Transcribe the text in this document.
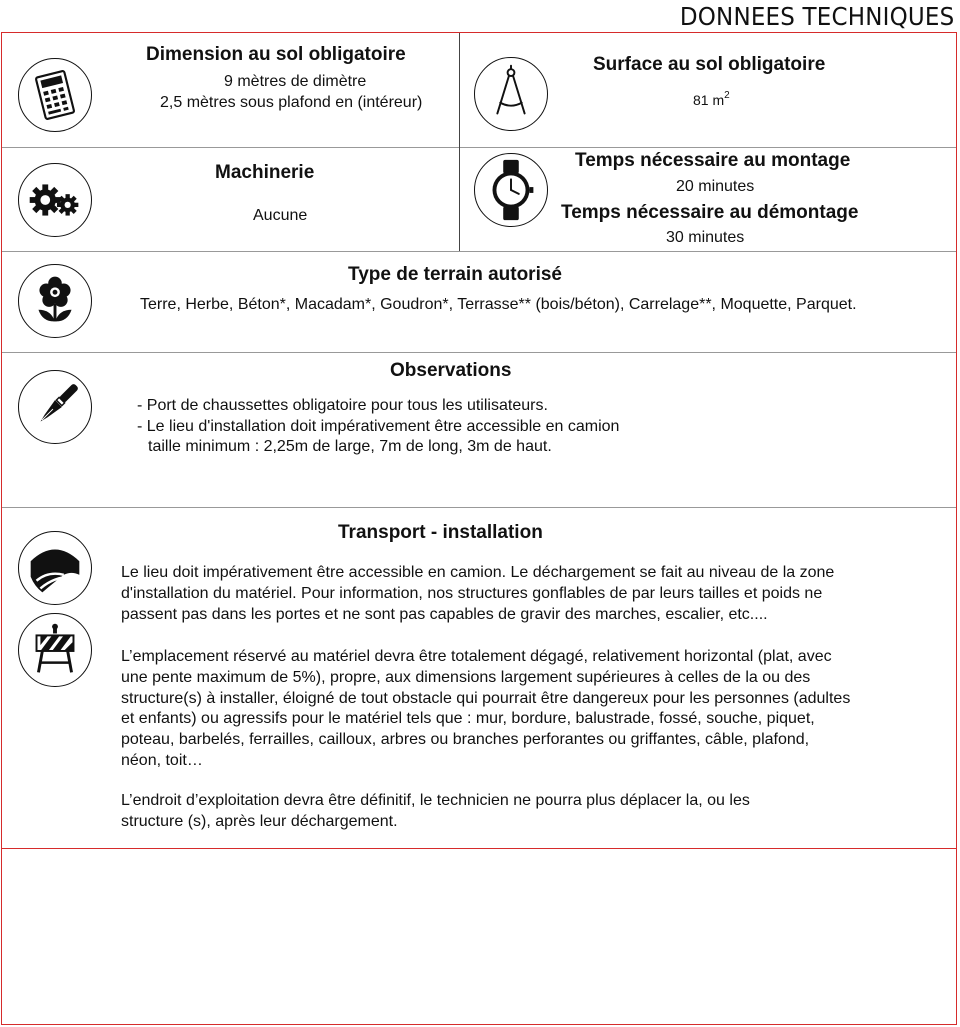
DONNEES TECHNIQUES
Dimension au sol obligatoire
9 mètres de dimètre
2,5 mètres sous plafond en (intéreur)
Surface au sol obligatoire
81 $m^2$
Machinerie
Aucune
Temps nécessaire au montage
20 minutes
Temps nécessaire au démontage
30 minutes
Type de terrain autorisé
Terre, Herbe, Béton*, Macadam*, Goudron*, Terrasse** (bois/béton), Carrelage**, Moquette, Parquet.
Observations
- Port de chaussettes obligatoire pour tous les utilisateurs.
- Le lieu d'installation doit impérativement être accessible en camion
taille minimum : 2,25m de large, 7m de long, 3m de haut.
Transport - installation
Le lieu doit impérativement être accessible en camion. Le déchargement se fait au niveau de la zone
d'installation du matériel. Pour information, nos structures gonflables de par leurs tailles et poids ne
passent pas dans les portes et ne sont pas capables de gravir des marches, escalier, etc....
L’emplacement réservé au matériel devra être totalement dégagé, relativement horizontal (plat, avec
une pente maximum de 5%), propre, aux dimensions largement supérieures à celles de la ou des
structure(s) à installer, éloigné de tout obstacle qui pourrait être dangereux pour les personnes (adultes
et enfants) ou agressifs pour le matériel tels que : mur, bordure, balustrade, fossé, souche, piquet,
poteau, barbelés, ferrailles, cailloux, arbres ou branches perforantes ou griffantes, câble, plafond,
néon, toit…
L’endroit d’exploitation devra être définitif, le technicien ne pourra plus déplacer la, ou les
structure (s), après leur déchargement.
